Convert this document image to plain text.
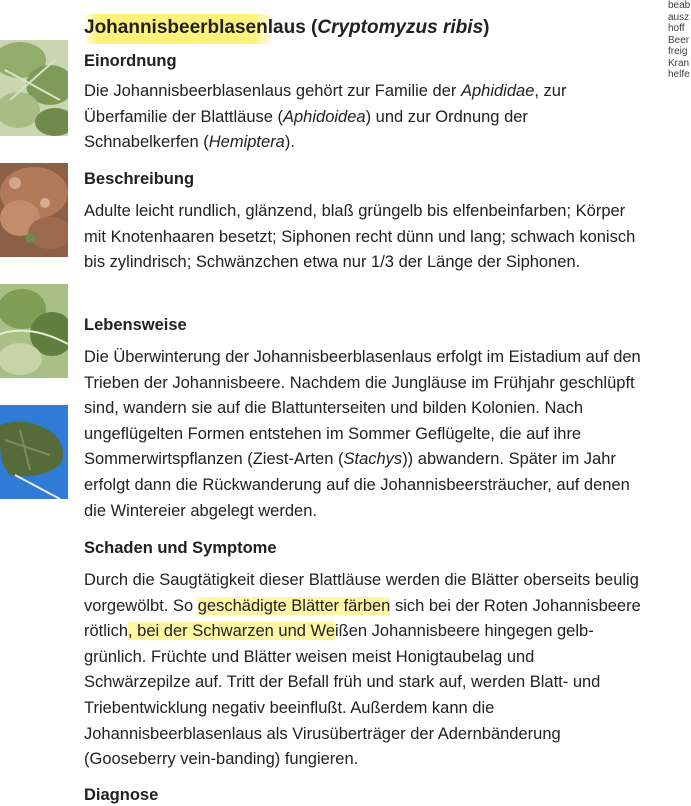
beab
ausz
hoff
Beer
freig
Kran
helfe
Johannisbeerblasenlaus (Cryptomyzus ribis)
Einordnung

Die Johannisbeerblasenlaus gehört zur Familie der Aphididae, zur Überfamilie der Blattläuse (Aphidoidea) und zur Ordnung der Schnabelkerfen (Hemiptera).

Beschreibung

Adulte leicht rundlich, glänzend, blaß grüngelb bis elfenbeinfarben; Körper mit Knotenhaaren besetzt; Siphonen recht dünn und lang; schwach konisch bis zylindrisch; Schwänzchen etwa nur 1/3 der Länge der Siphonen.

Lebensweise

Die Überwinterung der Johannisbeerblasenlaus erfolgt im Eistadium auf den Trieben der Johannisbeere. Nachdem die Jungläuse im Frühjahr geschlüpft sind, wandern sie auf die Blattunterseiten und bilden Kolonien. Nach ungeflügelten Formen entstehen im Sommer Geflügelte, die auf ihre Sommerwirtspflanzen (Ziest-Arten (Stachys)) abwandern. Später im Jahr erfolgt dann die Rückwanderung auf die Johannisbeersträucher, auf denen die Wintereier abgelegt werden.

Schaden und Symptome

Durch die Saugtätigkeit dieser Blattläuse werden die Blätter oberseits beulig vorgewölbt. So geschädigte Blätter färben sich bei der Roten Johannisbeere rötlich, bei der Schwarzen und Weißen Johannisbeere hingegen gelb-grünlich. Früchte und Blätter weisen meist Honigtaubelag und Schwärzepilze auf. Tritt der Befall früh und stark auf, werden Blatt- und Triebentwicklung negativ beeinflußt. Außerdem kann die Johannisbeerblasenlaus als Virusüberträger der Adernbänderung (Gooseberry vein-banding) fungieren.

Diagnose
